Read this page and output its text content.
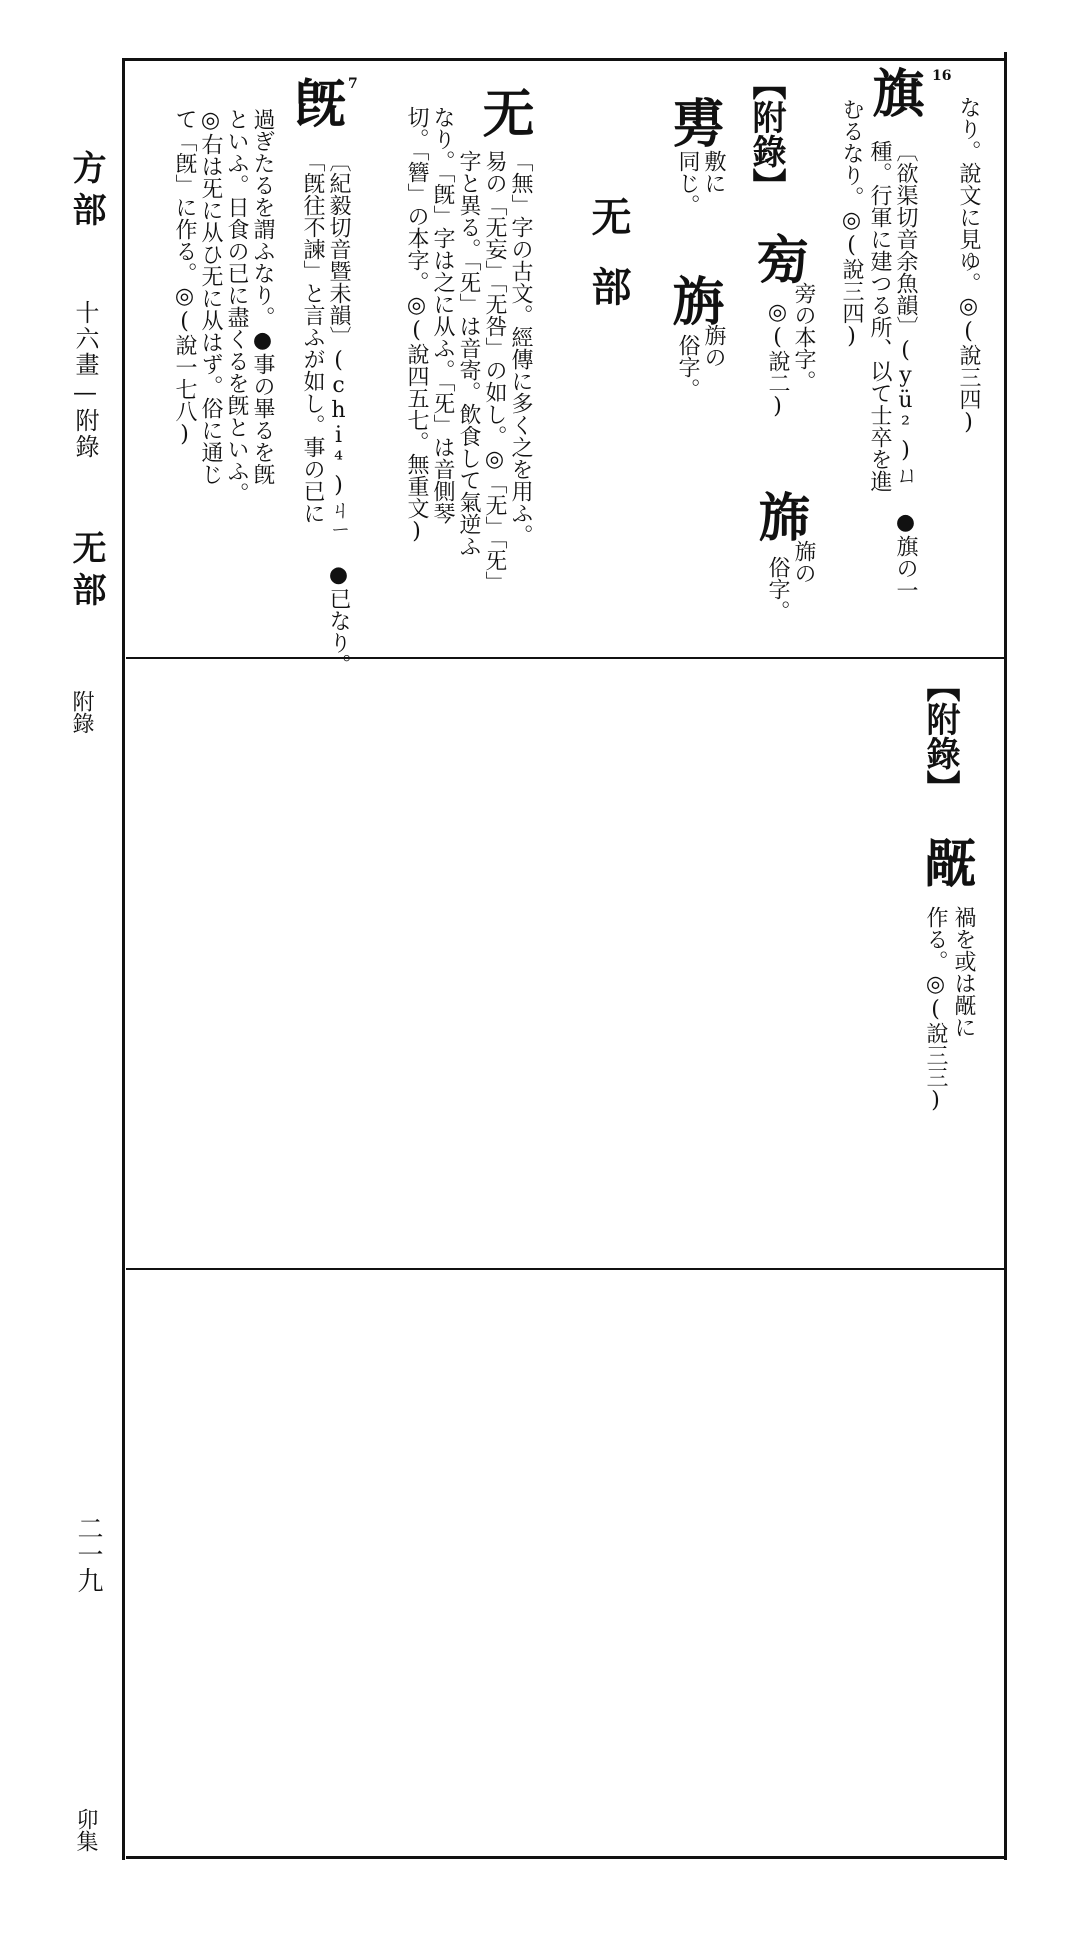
方部
十六畫—附錄
无部
附錄
二一九
卯集
なり。說文に見ゆ。◎(說三四)
16
旗
〔欲渠切音余魚韻〕(yü²)ㄩ ●旗の一
種。行軍に建つる所、以て士卒を進
むるなり。◎(說三四)
【附錄】
㫄
旁の本字。
◎(說二)
旆
旆の
俗字。
旉
敷に
同じ。
旃
旃の
俗字。
无部
无
「無」字の古文。經傳に多く之を用ふ。
易の「无妄」「无咎」の如し。◎「无」「旡」
字と異る。「旡」は音寄。飲食して氣逆ふ
なり。「旣」字は之に从ふ。「旡」は音側琴
切。「簪」の本字。◎(說四五七。無重文)
7
旣
〔紀毅切音暨未韻〕(chi⁴)ㄐㄧ ●已なり。
「旣往不諫」と言ふが如し。事の已に
過ぎたるを謂ふなり。●事の畢るを旣
といふ。日食の已に盡くるを旣といふ。
◎右は旡に从ひ无に从はず。俗に通じ
て「旣」に作る。◎(說一七八)
【附錄】
旤
禍を或は旤に
作る。◎(說三三)
